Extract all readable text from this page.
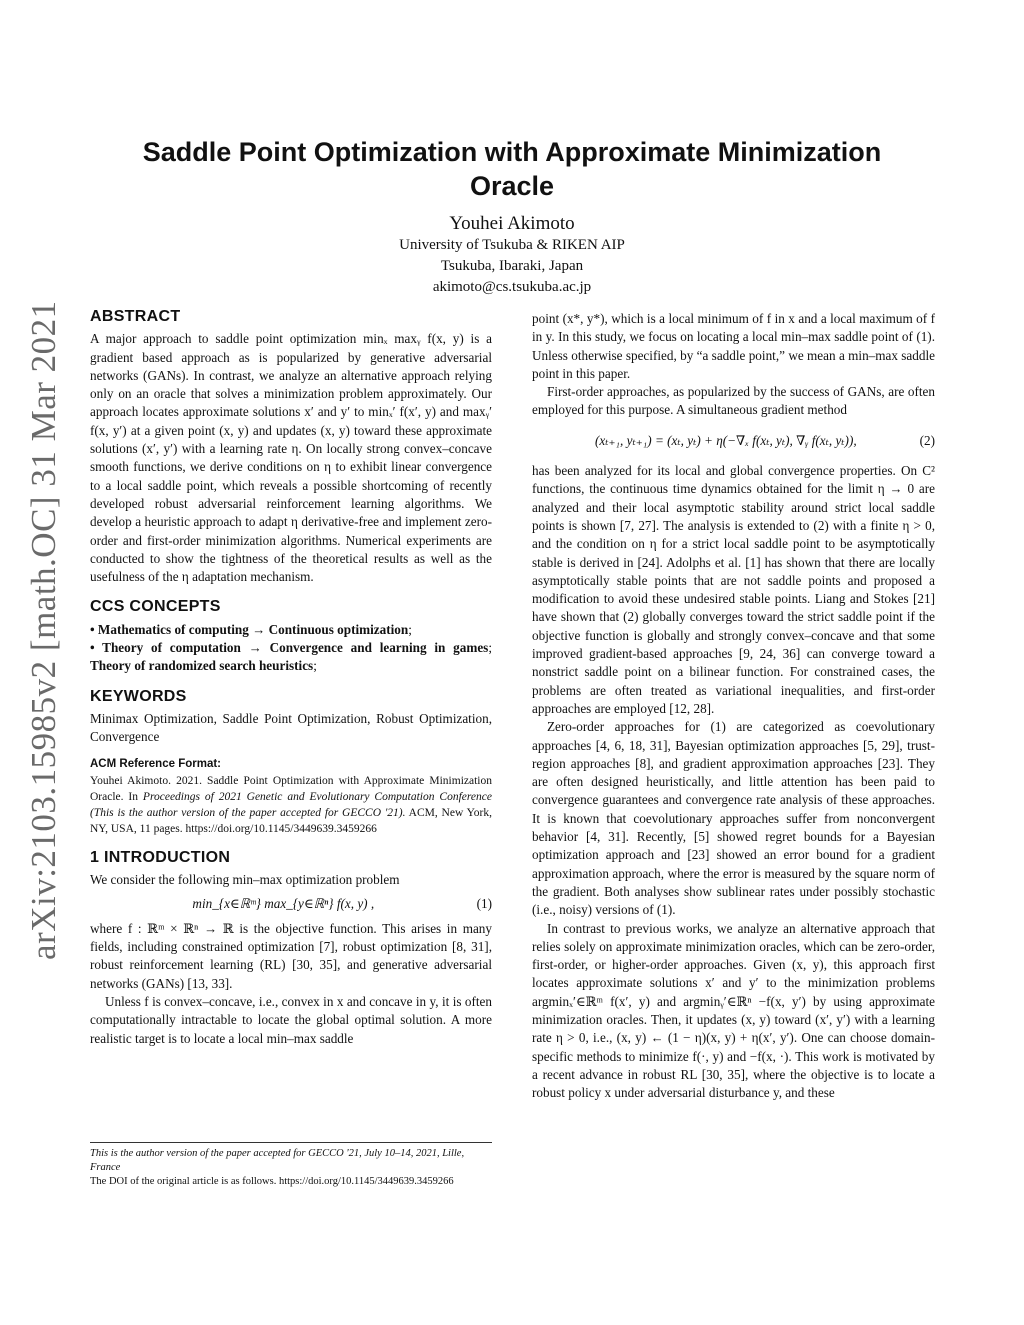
arXiv:2103.15985v2 [math.OC] 31 Mar 2021
Saddle Point Optimization with Approximate Minimization
Oracle
Youhei Akimoto
University of Tsukuba & RIKEN AIP
Tsukuba, Ibaraki, Japan
akimoto@cs.tsukuba.ac.jp
ABSTRACT

A major approach to saddle point optimization minₓ maxᵧ f(x, y) is a gradient based approach as is popularized by generative adversarial networks (GANs). In contrast, we analyze an alternative approach relying only on an oracle that solves a minimization problem approximately. Our approach locates approximate solutions x′ and y′ to minₓ′ f(x′, y) and maxᵧ′ f(x, y′) at a given point (x, y) and updates (x, y) toward these approximate solutions (x′, y′) with a learning rate η. On locally strong convex–concave smooth functions, we derive conditions on η to exhibit linear convergence to a local saddle point, which reveals a possible shortcoming of recently developed robust adversarial reinforcement learning algorithms. We develop a heuristic approach to adapt η derivative-free and implement zero-order and first-order minimization algorithms. Numerical experiments are conducted to show the tightness of the theoretical results as well as the usefulness of the η adaptation mechanism.

CCS CONCEPTS

• Mathematics of computing → Continuous optimization;

• Theory of computation → Convergence and learning in games; Theory of randomized search heuristics;

KEYWORDS

Minimax Optimization, Saddle Point Optimization, Robust Optimization, Convergence

ACM Reference Format:

Youhei Akimoto. 2021. Saddle Point Optimization with Approximate Minimization Oracle. In Proceedings of 2021 Genetic and Evolutionary Computation Conference (This is the author version of the paper accepted for GECCO '21). ACM, New York, NY, USA, 11 pages. https://doi.org/10.1145/3449639.3459266

1 INTRODUCTION

We consider the following min–max optimization problem

min_{x∈ℝᵐ} max_{y∈ℝⁿ} f(x, y) ,	(1)

where f : ℝᵐ × ℝⁿ → ℝ is the objective function. This arises in many fields, including constrained optimization [7], robust optimization [8, 31], robust reinforcement learning (RL) [30, 35], and generative adversarial networks (GANs) [13, 33].

Unless f is convex–concave, i.e., convex in x and concave in y, it is often computationally intractable to locate the global optimal solution. A more realistic target is to locate a local min–max saddle

This is the author version of the paper accepted for GECCO '21, July 10–14, 2021, Lille, France
The DOI of the original article is as follows. https://doi.org/10.1145/3449639.3459266

point (x*, y*), which is a local minimum of f in x and a local maximum of f in y. In this study, we focus on locating a local min–max saddle point of (1). Unless otherwise specified, by “a saddle point,” we mean a min–max saddle point in this paper.

First-order approaches, as popularized by the success of GANs, are often employed for this purpose. A simultaneous gradient method

(xₜ₊₁, yₜ₊₁) = (xₜ, yₜ) + η(−∇ₓ f(xₜ, yₜ), ∇ᵧ f(xₜ, yₜ)),	(2)

has been analyzed for its local and global convergence properties. On C² functions, the continuous time dynamics obtained for the limit η → 0 are analyzed and their local asymptotic stability around strict local saddle points is shown [7, 27]. The analysis is extended to (2) with a finite η > 0, and the condition on η for a strict local saddle point to be asymptotically stable is derived in [24]. Adolphs et al. [1] has shown that there are locally asymptotically stable points that are not saddle points and proposed a modification to avoid these undesired stable points. Liang and Stokes [21] have shown that (2) globally converges toward the strict saddle point if the objective function is globally and strongly convex–concave and that some improved gradient-based approaches [9, 24, 36] can converge toward a nonstrict saddle point on a bilinear function. For constrained cases, the problems are often treated as variational inequalities, and first-order approaches are employed [12, 28].

Zero-order approaches for (1) are categorized as coevolutionary approaches [4, 6, 18, 31], Bayesian optimization approaches [5, 29], trust-region approaches [8], and gradient approximation approaches [23]. They are often designed heuristically, and little attention has been paid to convergence guarantees and convergence rate analysis of these approaches. It is known that coevolutionary approaches suffer from nonconvergent behavior [4, 31]. Recently, [5] showed regret bounds for a Bayesian optimization approach and [23] showed an error bound for a gradient approximation approach, where the error is measured by the square norm of the gradient. Both analyses show sublinear rates under possibly stochastic (i.e., noisy) versions of (1).

In contrast to previous works, we analyze an alternative approach that relies solely on approximate minimization oracles, which can be zero-order, first-order, or higher-order approaches. Given (x, y), this approach first locates approximate solutions x′ and y′ to the minimization problems argminₓ′∈ℝᵐ f(x′, y) and argminᵧ′∈ℝⁿ −f(x, y′) by using approximate minimization oracles. Then, it updates (x, y) toward (x′, y′) with a learning rate η > 0, i.e., (x, y) ← (1 − η)(x, y) + η(x′, y′). One can choose domain-specific methods to minimize f(·, y) and −f(x, ·). This work is motivated by a recent advance in robust RL [30, 35], where the objective is to locate a robust policy x under adversarial disturbance y, and these
